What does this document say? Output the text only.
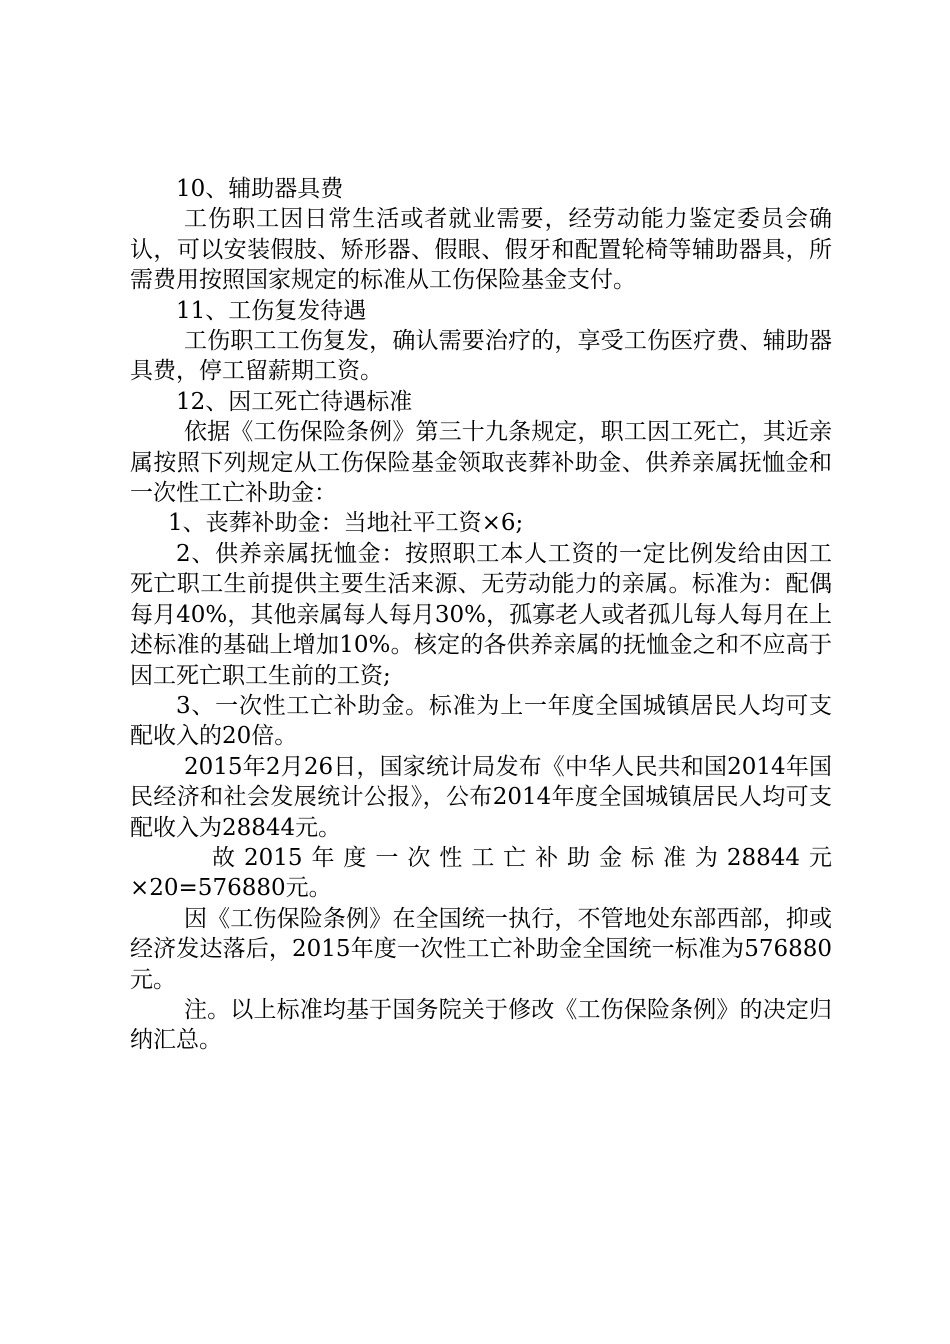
10、辅助器具费

工伤职工因日常生活或者就业需要，经劳动能力鉴定委员会确认，可以安装假肢、矫形器、假眼、假牙和配置轮椅等辅助器具，所需费用按照国家规定的标准从工伤保险基金支付。

11、工伤复发待遇

工伤职工工伤复发，确认需要治疗的，享受工伤医疗费、辅助器具费，停工留薪期工资。

12、因工死亡待遇标准

依据《工伤保险条例》第三十九条规定，职工因工死亡，其近亲属按照下列规定从工伤保险基金领取丧葬补助金、供养亲属抚恤金和一次性工亡补助金：

1、丧葬补助金：当地社平工资×6;

2、供养亲属抚恤金：按照职工本人工资的一定比例发给由因工死亡职工生前提供主要生活来源、无劳动能力的亲属。标准为：配偶每月40%，其他亲属每人每月30%，孤寡老人或者孤儿每人每月在上述标准的基础上增加10%。核定的各供养亲属的抚恤金之和不应高于因工死亡职工生前的工资;

3、一次性工亡补助金。标准为上一年度全国城镇居民人均可支配收入的20倍。

2015年2月26日，国家统计局发布《中华人民共和国2014年国民经济和社会发展统计公报》，公布2014年度全国城镇居民人均可支配收入为28844元。

故2015年度一次性工亡补助金标准为28844元

×20=576880元。

因《工伤保险条例》在全国统一执行，不管地处东部西部，抑或经济发达落后，2015年度一次性工亡补助金全国统一标准为576880元。

注。以上标准均基于国务院关于修改《工伤保险条例》的决定归纳汇总。
